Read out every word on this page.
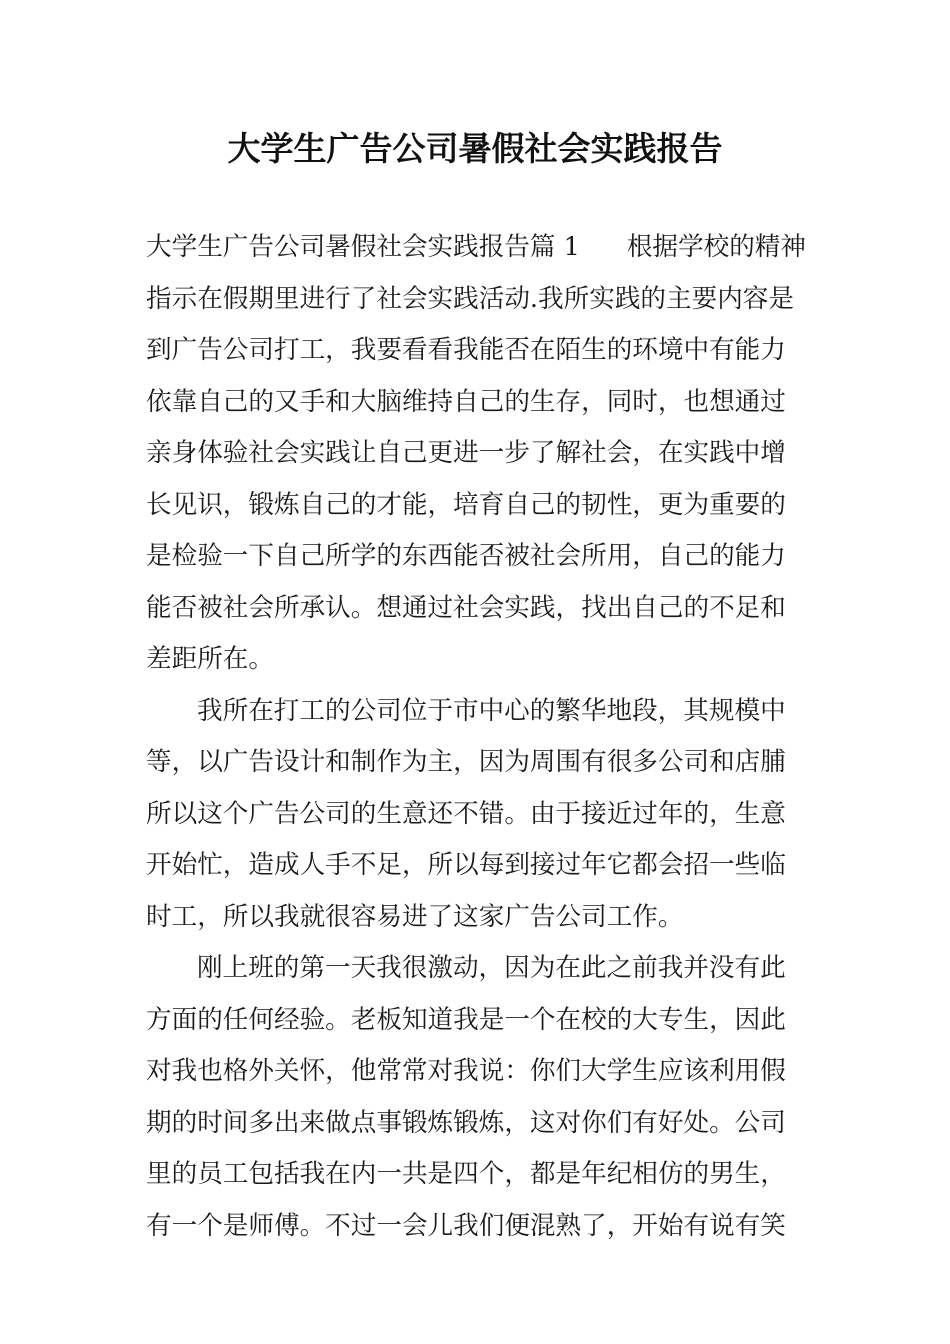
大学生广告公司暑假社会实践报告
大学生广告公司暑假社会实践报告篇 1 根据学校的精神
指示在假期里进行了社会实践活动.我所实践的主要内容是
到广告公司打工，我要看看我能否在陌生的环境中有能力
依靠自己的又手和大脑维持自己的生存，同时，也想通过
亲身体验社会实践让自己更进一步了解社会，在实践中增
长见识，锻炼自己的才能，培育自己的韧性，更为重要的
是检验一下自己所学的东西能否被社会所用，自己的能力
能否被社会所承认。想通过社会实践，找出自己的不足和
差距所在。
我所在打工的公司位于市中心的繁华地段，其规模中
等，以广告设计和制作为主，因为周围有很多公司和店脯
所以这个广告公司的生意还不错。由于接近过年的，生意
开始忙，造成人手不足，所以每到接过年它都会招一些临
时工，所以我就很容易进了这家广告公司工作。
刚上班的第一天我很激动，因为在此之前我并没有此
方面的任何经验。老板知道我是一个在校的大专生，因此
对我也格外关怀，他常常对我说：你们大学生应该利用假
期的时间多出来做点事锻炼锻炼，这对你们有好处。公司
里的员工包括我在内一共是四个，都是年纪相仿的男生，
有一个是师傅。不过一会儿我们便混熟了，开始有说有笑
